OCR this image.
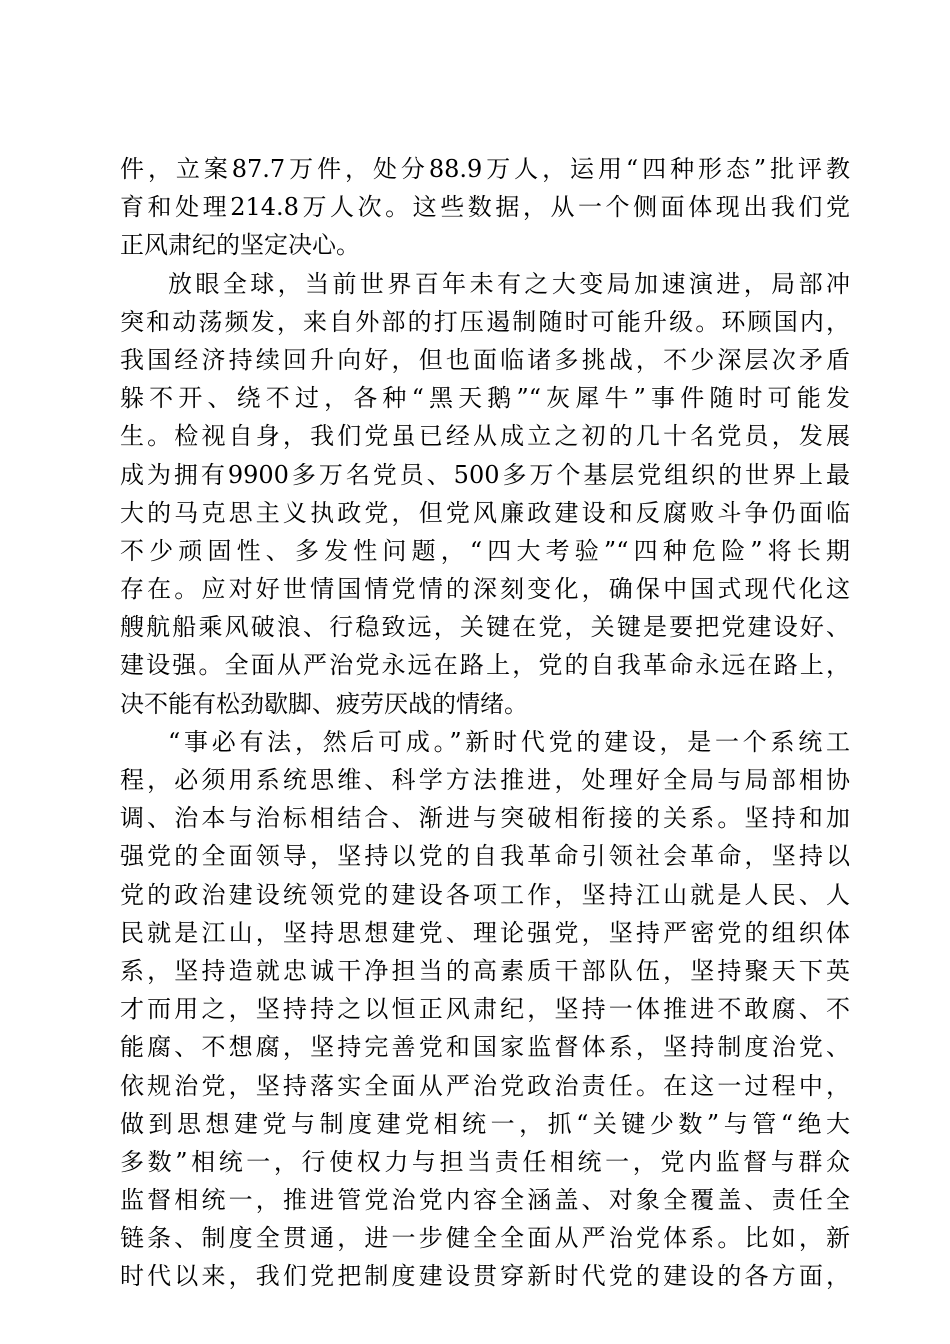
件，立案87.7万件，处分88.9万人，运用“四种形态”批评教
育和处理214.8万人次。这些数据，从一个侧面体现出我们党
正风肃纪的坚定决心。
放眼全球，当前世界百年未有之大变局加速演进，局部冲
突和动荡频发，来自外部的打压遏制随时可能升级。环顾国内，
我国经济持续回升向好，但也面临诸多挑战，不少深层次矛盾
躲不开、绕不过，各种“黑天鹅”“灰犀牛”事件随时可能发
生。检视自身，我们党虽已经从成立之初的几十名党员，发展
成为拥有9900多万名党员、500多万个基层党组织的世界上最
大的马克思主义执政党，但党风廉政建设和反腐败斗争仍面临
不少顽固性、多发性问题，“四大考验”“四种危险”将长期
存在。应对好世情国情党情的深刻变化，确保中国式现代化这
艘航船乘风破浪、行稳致远，关键在党，关键是要把党建设好、
建设强。全面从严治党永远在路上，党的自我革命永远在路上，
决不能有松劲歇脚、疲劳厌战的情绪。
“事必有法，然后可成。”新时代党的建设，是一个系统工
程，必须用系统思维、科学方法推进，处理好全局与局部相协
调、治本与治标相结合、渐进与突破相衔接的关系。坚持和加
强党的全面领导，坚持以党的自我革命引领社会革命，坚持以
党的政治建设统领党的建设各项工作，坚持江山就是人民、人
民就是江山，坚持思想建党、理论强党，坚持严密党的组织体
系，坚持造就忠诚干净担当的高素质干部队伍，坚持聚天下英
才而用之，坚持持之以恒正风肃纪，坚持一体推进不敢腐、不
能腐、不想腐，坚持完善党和国家监督体系，坚持制度治党、
依规治党，坚持落实全面从严治党政治责任。在这一过程中，
做到思想建党与制度建党相统一，抓“关键少数”与管“绝大
多数”相统一，行使权力与担当责任相统一，党内监督与群众
监督相统一，推进管党治党内容全涵盖、对象全覆盖、责任全
链条、制度全贯通，进一步健全全面从严治党体系。比如，新
时代以来，我们党把制度建设贯穿新时代党的建设的各方面，
